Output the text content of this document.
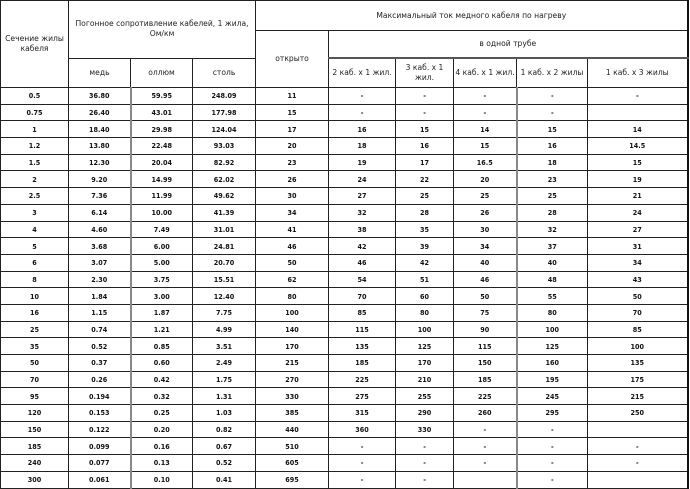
Сечение жилы кабеля	Погонное сопротивление кабелей, 1 жила, Ом/км			Максимальный ток медного кабеля по нагреву					
				открыто	в одной трубе				
	медь	оллюм	столь		2 каб. х 1 жил.	3 каб. х 1 жил.	4 каб. х 1 жил.	1 каб. х 2 жилы	1 каб. х 3 жилы
0.5	36.80	59.95	248.09	11	-	-	-	-	-
0.75	26.40	43.01	177.98	15	-	-	-	-	
1	18.40	29.98	124.04	17	16	15	14	15	14
1.2	13.80	22.48	93.03	20	18	16	15	16	14.5
1.5	12.30	20.04	82.92	23	19	17	16.5	18	15
2	9.20	14.99	62.02	26	24	22	20	23	19
2.5	7.36	11.99	49.62	30	27	25	25	25	21
3	6.14	10.00	41.39	34	32	28	26	28	24
4	4.60	7.49	31.01	41	38	35	30	32	27
5	3.68	6.00	24.81	46	42	39	34	37	31
6	3.07	5.00	20.70	50	46	42	40	40	34
8	2.30	3.75	15.51	62	54	51	46	48	43
10	1.84	3.00	12.40	80	70	60	50	55	50
16	1.15	1.87	7.75	100	85	80	75	80	70
25	0.74	1.21	4.99	140	115	100	90	100	85
35	0.52	0.85	3.51	170	135	125	115	125	100
50	0.37	0.60	2.49	215	185	170	150	160	135
70	0.26	0.42	1.75	270	225	210	185	195	175
95	0.194	0.32	1.31	330	275	255	225	245	215
120	0.153	0.25	1.03	385	315	290	260	295	250
150	0.122	0.20	0.82	440	360	330	-	-	
185	0.099	0.16	0.67	510	-	-	-	-	-
240	0.077	0.13	0.52	605	-	-	-	-	-
300	0.061	0.10	0.41	695	-	-		-	
